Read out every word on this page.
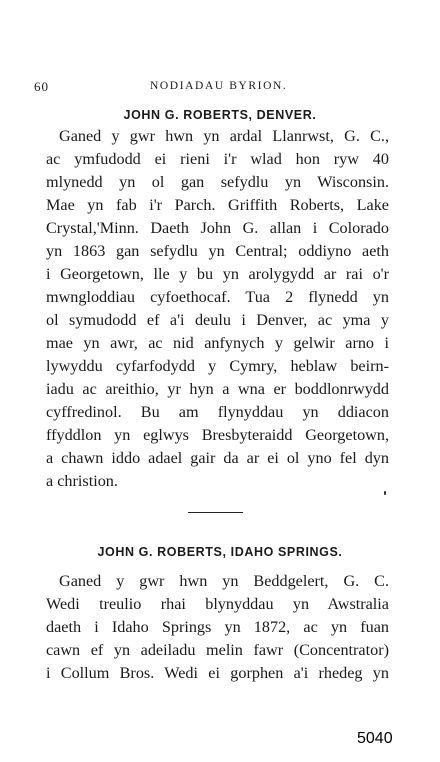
60	NODIADAU BYRION.
JOHN G. ROBERTS, DENVER.
Ganed y gwr hwn yn ardal Llanrwst, G. C.,
ac ymfudodd ei rieni i'r wlad hon ryw 40
mlynedd yn ol gan sefydlu yn Wisconsin.
Mae yn fab i'r Parch. Griffith Roberts, Lake
Crystal,'Minn. Daeth John G. allan i Colorado
yn 1863 gan sefydlu yn Central; oddiyno aeth
i Georgetown, lle y bu yn arolygydd ar rai o'r
mwngloddiau cyfoethocaf. Tua 2 flynedd yn
ol symudodd ef a'i deulu i Denver, ac yma y
mae yn awr, ac nid anfynych y gelwir arno i
lywyddu cyfarfodydd y Cymry, heblaw beirn-
iadu ac areithio, yr hyn a wna er boddlonrwydd
cyffredinol. Bu am flynyddau yn ddiacon
ffyddlon yn eglwys Bresbyteraidd Georgetown,
a chawn iddo adael gair da ar ei ol yno fel dyn
a christion.
JOHN G. ROBERTS, IDAHO SPRINGS.
Ganed y gwr hwn yn Beddgelert, G. C.
Wedi treulio rhai blynyddau yn Awstralia
daeth i Idaho Springs yn 1872, ac yn fuan
cawn ef yn adeiladu melin fawr (Concentrator)
i Collum Bros. Wedi ei gorphen a'i rhedeg yn
5040
